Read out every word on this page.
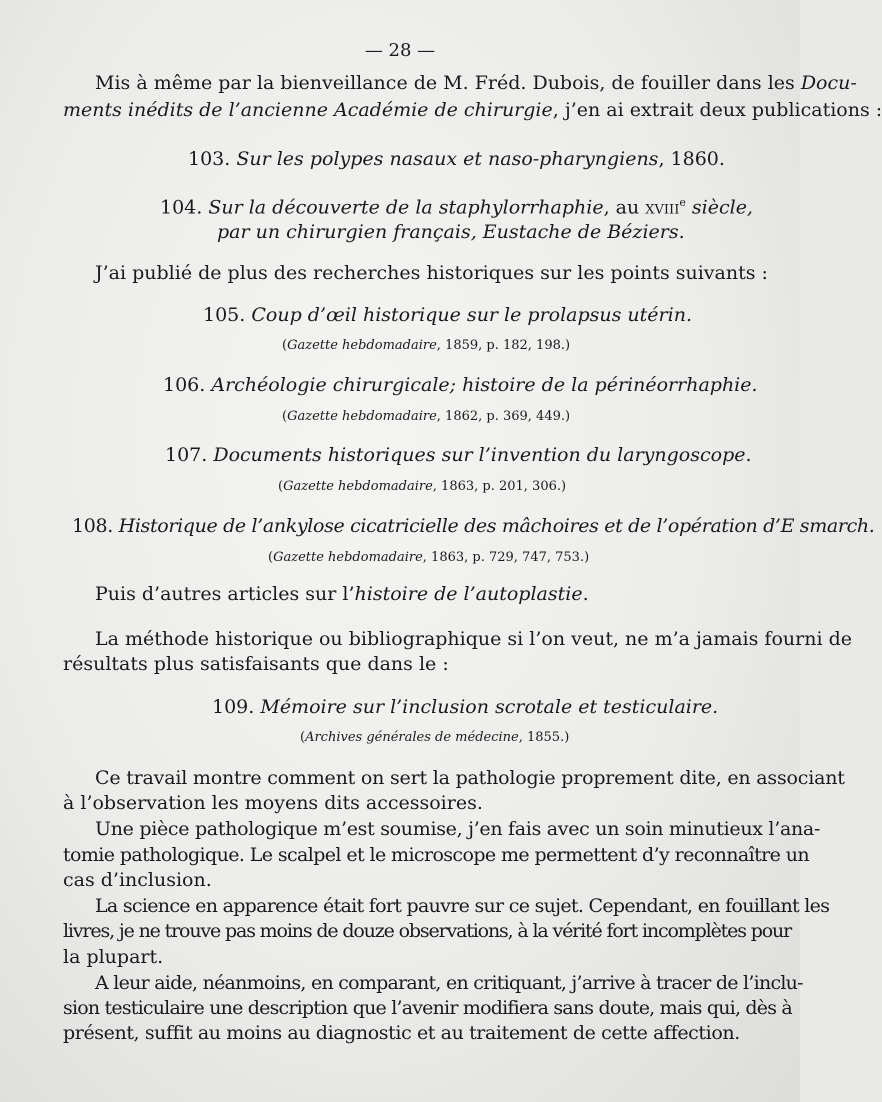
— 28 —
Mis à même par la bienveillance de M. Fréd. Dubois, de fouiller dans les Docu-
ments inédits de l’ancienne Académie de chirurgie, j’en ai extrait deux publications :
103. Sur les polypes nasaux et naso-pharyngiens, 1860.
104. Sur la découverte de la staphylorrhaphie, au xviii$^e$ siècle,
par un chirurgien français, Eustache de Béziers.
J’ai publié de plus des recherches historiques sur les points suivants :
105. Coup d’œil historique sur le prolapsus utérin.
(Gazette hebdomadaire, 1859, p. 182, 198.)
106. Archéologie chirurgicale; histoire de la périnéorrhaphie.
(Gazette hebdomadaire, 1862, p. 369, 449.)
107. Documents historiques sur l’invention du laryngoscope.
(Gazette hebdomadaire, 1863, p. 201, 306.)
108. Historique de l’ankylose cicatricielle des mâchoires et de l’opération d’E smarch.
(Gazette hebdomadaire, 1863, p. 729, 747, 753.)
Puis d’autres articles sur l’histoire de l’autoplastie.
La méthode historique ou bibliographique si l’on veut, ne m’a jamais fourni de
résultats plus satisfaisants que dans le :
109. Mémoire sur l’inclusion scrotale et testiculaire.
(Archives générales de médecine, 1855.)
Ce travail montre comment on sert la pathologie proprement dite, en associant
à l’observation les moyens dits accessoires.
Une pièce pathologique m’est soumise, j’en fais avec un soin minutieux l’ana-
tomie pathologique. Le scalpel et le microscope me permettent d’y reconnaître un
cas d’inclusion.
La science en apparence était fort pauvre sur ce sujet. Cependant, en fouillant les
livres, je ne trouve pas moins de douze observations, à la vérité fort incomplètes pour
la plupart.
A leur aide, néanmoins, en comparant, en critiquant, j’arrive à tracer de l’inclu-
sion testiculaire une description que l’avenir modifiera sans doute, mais qui, dès à
présent, suffit au moins au diagnostic et au traitement de cette affection.
